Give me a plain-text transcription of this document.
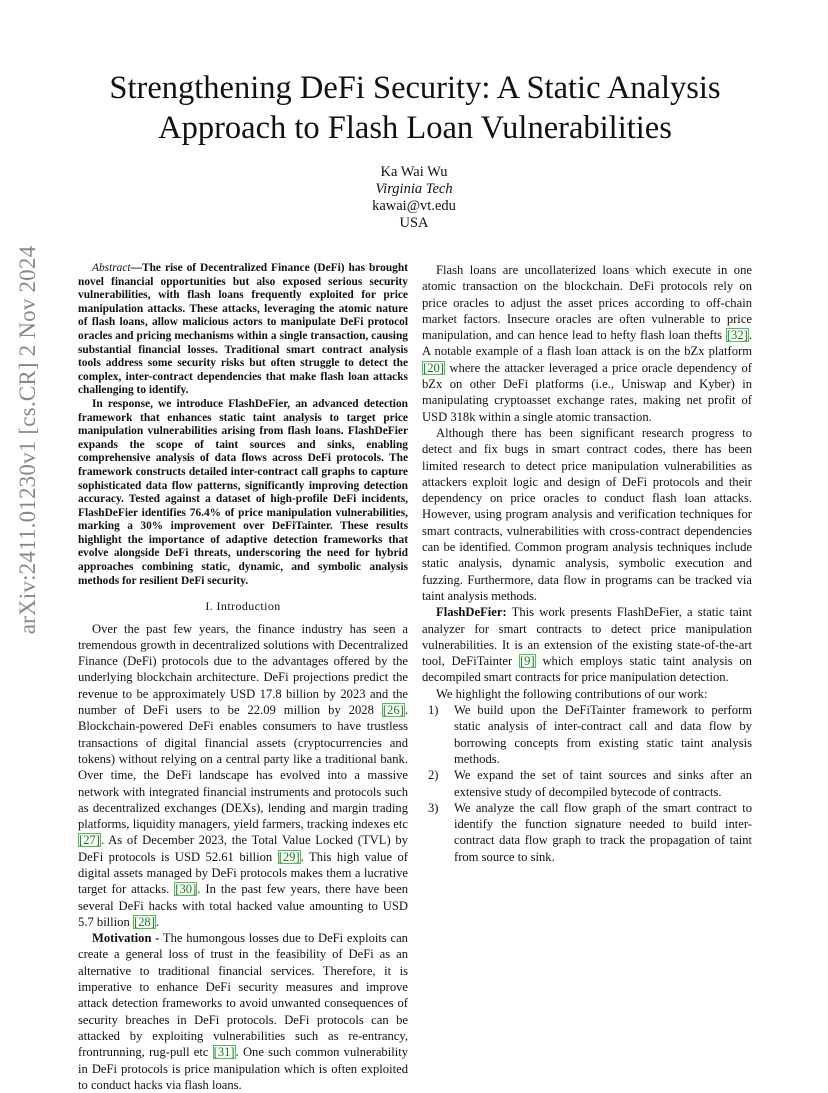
arXiv:2411.01230v1 [cs.CR] 2 Nov 2024
Strengthening DeFi Security: A Static Analysis
Approach to Flash Loan Vulnerabilities
Ka Wai Wu
Virginia Tech
kawai@vt.edu
USA

Abstract—The rise of Decentralized Finance (DeFi) has brought novel financial opportunities but also exposed serious security vulnerabilities, with flash loans frequently exploited for price manipulation attacks. These attacks, leveraging the atomic nature of flash loans, allow malicious actors to manipulate DeFi protocol oracles and pricing mechanisms within a single transaction, causing substantial financial losses. Traditional smart contract analysis tools address some security risks but often struggle to detect the complex, inter-contract dependencies that make flash loan attacks challenging to identify.

In response, we introduce FlashDeFier, an advanced detection framework that enhances static taint analysis to target price manipulation vulnerabilities arising from flash loans. FlashDeFier expands the scope of taint sources and sinks, enabling comprehensive analysis of data flows across DeFi protocols. The framework constructs detailed inter-contract call graphs to capture sophisticated data flow patterns, significantly improving detection accuracy. Tested against a dataset of high-profile DeFi incidents, FlashDeFier identifies 76.4% of price manipulation vulnerabilities, marking a 30% improvement over DeFiTainter. These results highlight the importance of adaptive detection frameworks that evolve alongside DeFi threats, underscoring the need for hybrid approaches combining static, dynamic, and symbolic analysis methods for resilient DeFi security.

I. Introduction

Over the past few years, the finance industry has seen a tremendous growth in decentralized solutions with Decentralized Finance (DeFi) protocols due to the advantages offered by the underlying blockchain architecture. DeFi projections predict the revenue to be approximately USD 17.8 billion by 2023 and the number of DeFi users to be 22.09 million by 2028 [26]. Blockchain-powered DeFi enables consumers to have trustless transactions of digital financial assets (cryptocurrencies and tokens) without relying on a central party like a traditional bank. Over time, the DeFi landscape has evolved into a massive network with integrated financial instruments and protocols such as decentralized exchanges (DEXs), lending and margin trading platforms, liquidity managers, yield farmers, tracking indexes etc [27]. As of December 2023, the Total Value Locked (TVL) by DeFi protocols is USD 52.61 billion [29]. This high value of digital assets managed by DeFi protocols makes them a lucrative target for attacks. [30]. In the past few years, there have been several DeFi hacks with total hacked value amounting to USD 5.7 billion [28].

Motivation - The humongous losses due to DeFi exploits can create a general loss of trust in the feasibility of DeFi as an alternative to traditional financial services. Therefore, it is imperative to enhance DeFi security measures and improve attack detection frameworks to avoid unwanted consequences of security breaches in DeFi protocols. DeFi protocols can be attacked by exploiting vulnerabilities such as re-entrancy, frontrunning, rug-pull etc [31]. One such common vulnerability in DeFi protocols is price manipulation which is often exploited to conduct hacks via flash loans.

Flash loans are uncollaterized loans which execute in one atomic transaction on the blockchain. DeFi protocols rely on price oracles to adjust the asset prices according to off-chain market factors. Insecure oracles are often vulnerable to price manipulation, and can hence lead to hefty flash loan thefts [32]. A notable example of a flash loan attack is on the bZx platform [20] where the attacker leveraged a price oracle dependency of bZx on other DeFi platforms (i.e., Uniswap and Kyber) in manipulating cryptoasset exchange rates, making net profit of USD 318k within a single atomic transaction.

Although there has been significant research progress to detect and fix bugs in smart contract codes, there has been limited research to detect price manipulation vulnerabilities as attackers exploit logic and design of DeFi protocols and their dependency on price oracles to conduct flash loan attacks. However, using program analysis and verification techniques for smart contracts, vulnerabilities with cross-contract dependencies can be identified. Common program analysis techniques include static analysis, dynamic analysis, symbolic execution and fuzzing. Furthermore, data flow in programs can be tracked via taint analysis methods.

FlashDeFier: This work presents FlashDeFier, a static taint analyzer for smart contracts to detect price manipulation vulnerabilities. It is an extension of the existing state-of-the-art tool, DeFiTainter [9] which employs static taint analysis on decompiled smart contracts for price manipulation detection.

We highlight the following contributions of our work:

1) We build upon the DeFiTainter framework to perform static analysis of inter-contract call and data flow by borrowing concepts from existing static taint analysis methods.
2) We expand the set of taint sources and sinks after an extensive study of decompiled bytecode of contracts.
3) We analyze the call flow graph of the smart contract to identify the function signature needed to build inter-contract data flow graph to track the propagation of taint from source to sink.
